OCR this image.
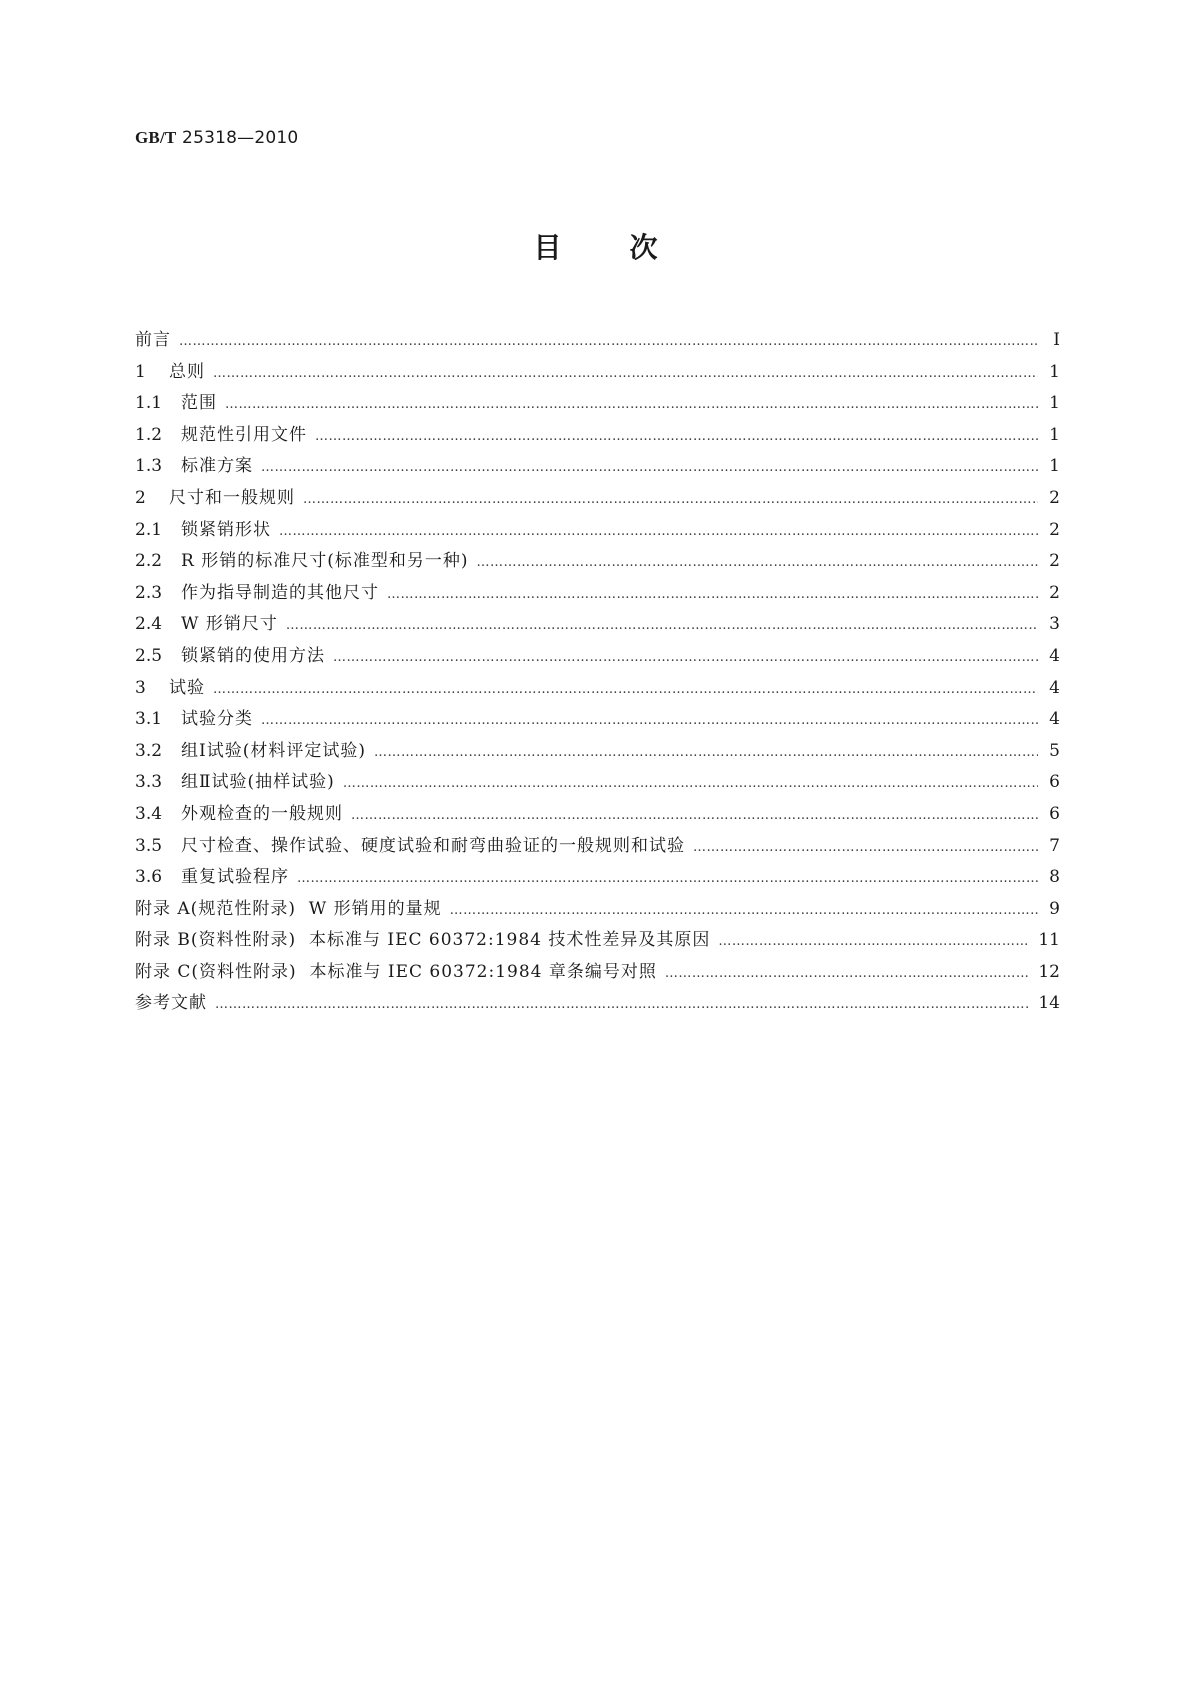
GB/T 25318—2010
目次
前言 ……………………………………………………………………………………………………………………………………………………………………………………………………………………………	Ⅰ
1	总则 ……………………………………………………………………………………………………………………………………………………………………………………………………………………………	1
1.1	范围 ……………………………………………………………………………………………………………………………………………………………………………………………………………………………	1
1.2	规范性引用文件 ……………………………………………………………………………………………………………………………………………………………………………………………………………………………	1
1.3	标准方案 ……………………………………………………………………………………………………………………………………………………………………………………………………………………………	1
2	尺寸和一般规则 ……………………………………………………………………………………………………………………………………………………………………………………………………………………………	2
2.1	锁紧销形状 ……………………………………………………………………………………………………………………………………………………………………………………………………………………………	2
2.2	R 形销的标准尺寸(标准型和另一种) ……………………………………………………………………………………………………………………………………………………………………………………………………………………………	2
2.3	作为指导制造的其他尺寸 ……………………………………………………………………………………………………………………………………………………………………………………………………………………………	2
2.4	W 形销尺寸 ……………………………………………………………………………………………………………………………………………………………………………………………………………………………	3
2.5	锁紧销的使用方法 ……………………………………………………………………………………………………………………………………………………………………………………………………………………………	4
3	试验 ……………………………………………………………………………………………………………………………………………………………………………………………………………………………	4
3.1	试验分类 ……………………………………………………………………………………………………………………………………………………………………………………………………………………………	4
3.2	组Ⅰ试验(材料评定试验) ……………………………………………………………………………………………………………………………………………………………………………………………………………………………	5
3.3	组Ⅱ试验(抽样试验) ……………………………………………………………………………………………………………………………………………………………………………………………………………………………	6
3.4	外观检查的一般规则 ……………………………………………………………………………………………………………………………………………………………………………………………………………………………	6
3.5	尺寸检查、操作试验、硬度试验和耐弯曲验证的一般规则和试验 ……………………………………………………………………………………………………………………………………………………………………………………………………………………………	7
3.6	重复试验程序 ……………………………………………………………………………………………………………………………………………………………………………………………………………………………	8
附录 A(规范性附录)  W 形销用的量规 ……………………………………………………………………………………………………………………………………………………………………………………………………………………………	9
附录 B(资料性附录)  本标准与 IEC 60372:1984 技术性差异及其原因 ……………………………………………………………………………………………………………………………………………………………………………………………………………………………	11
附录 C(资料性附录)  本标准与 IEC 60372:1984 章条编号对照 ……………………………………………………………………………………………………………………………………………………………………………………………………………………………	12
参考文献 ……………………………………………………………………………………………………………………………………………………………………………………………………………………………	14
